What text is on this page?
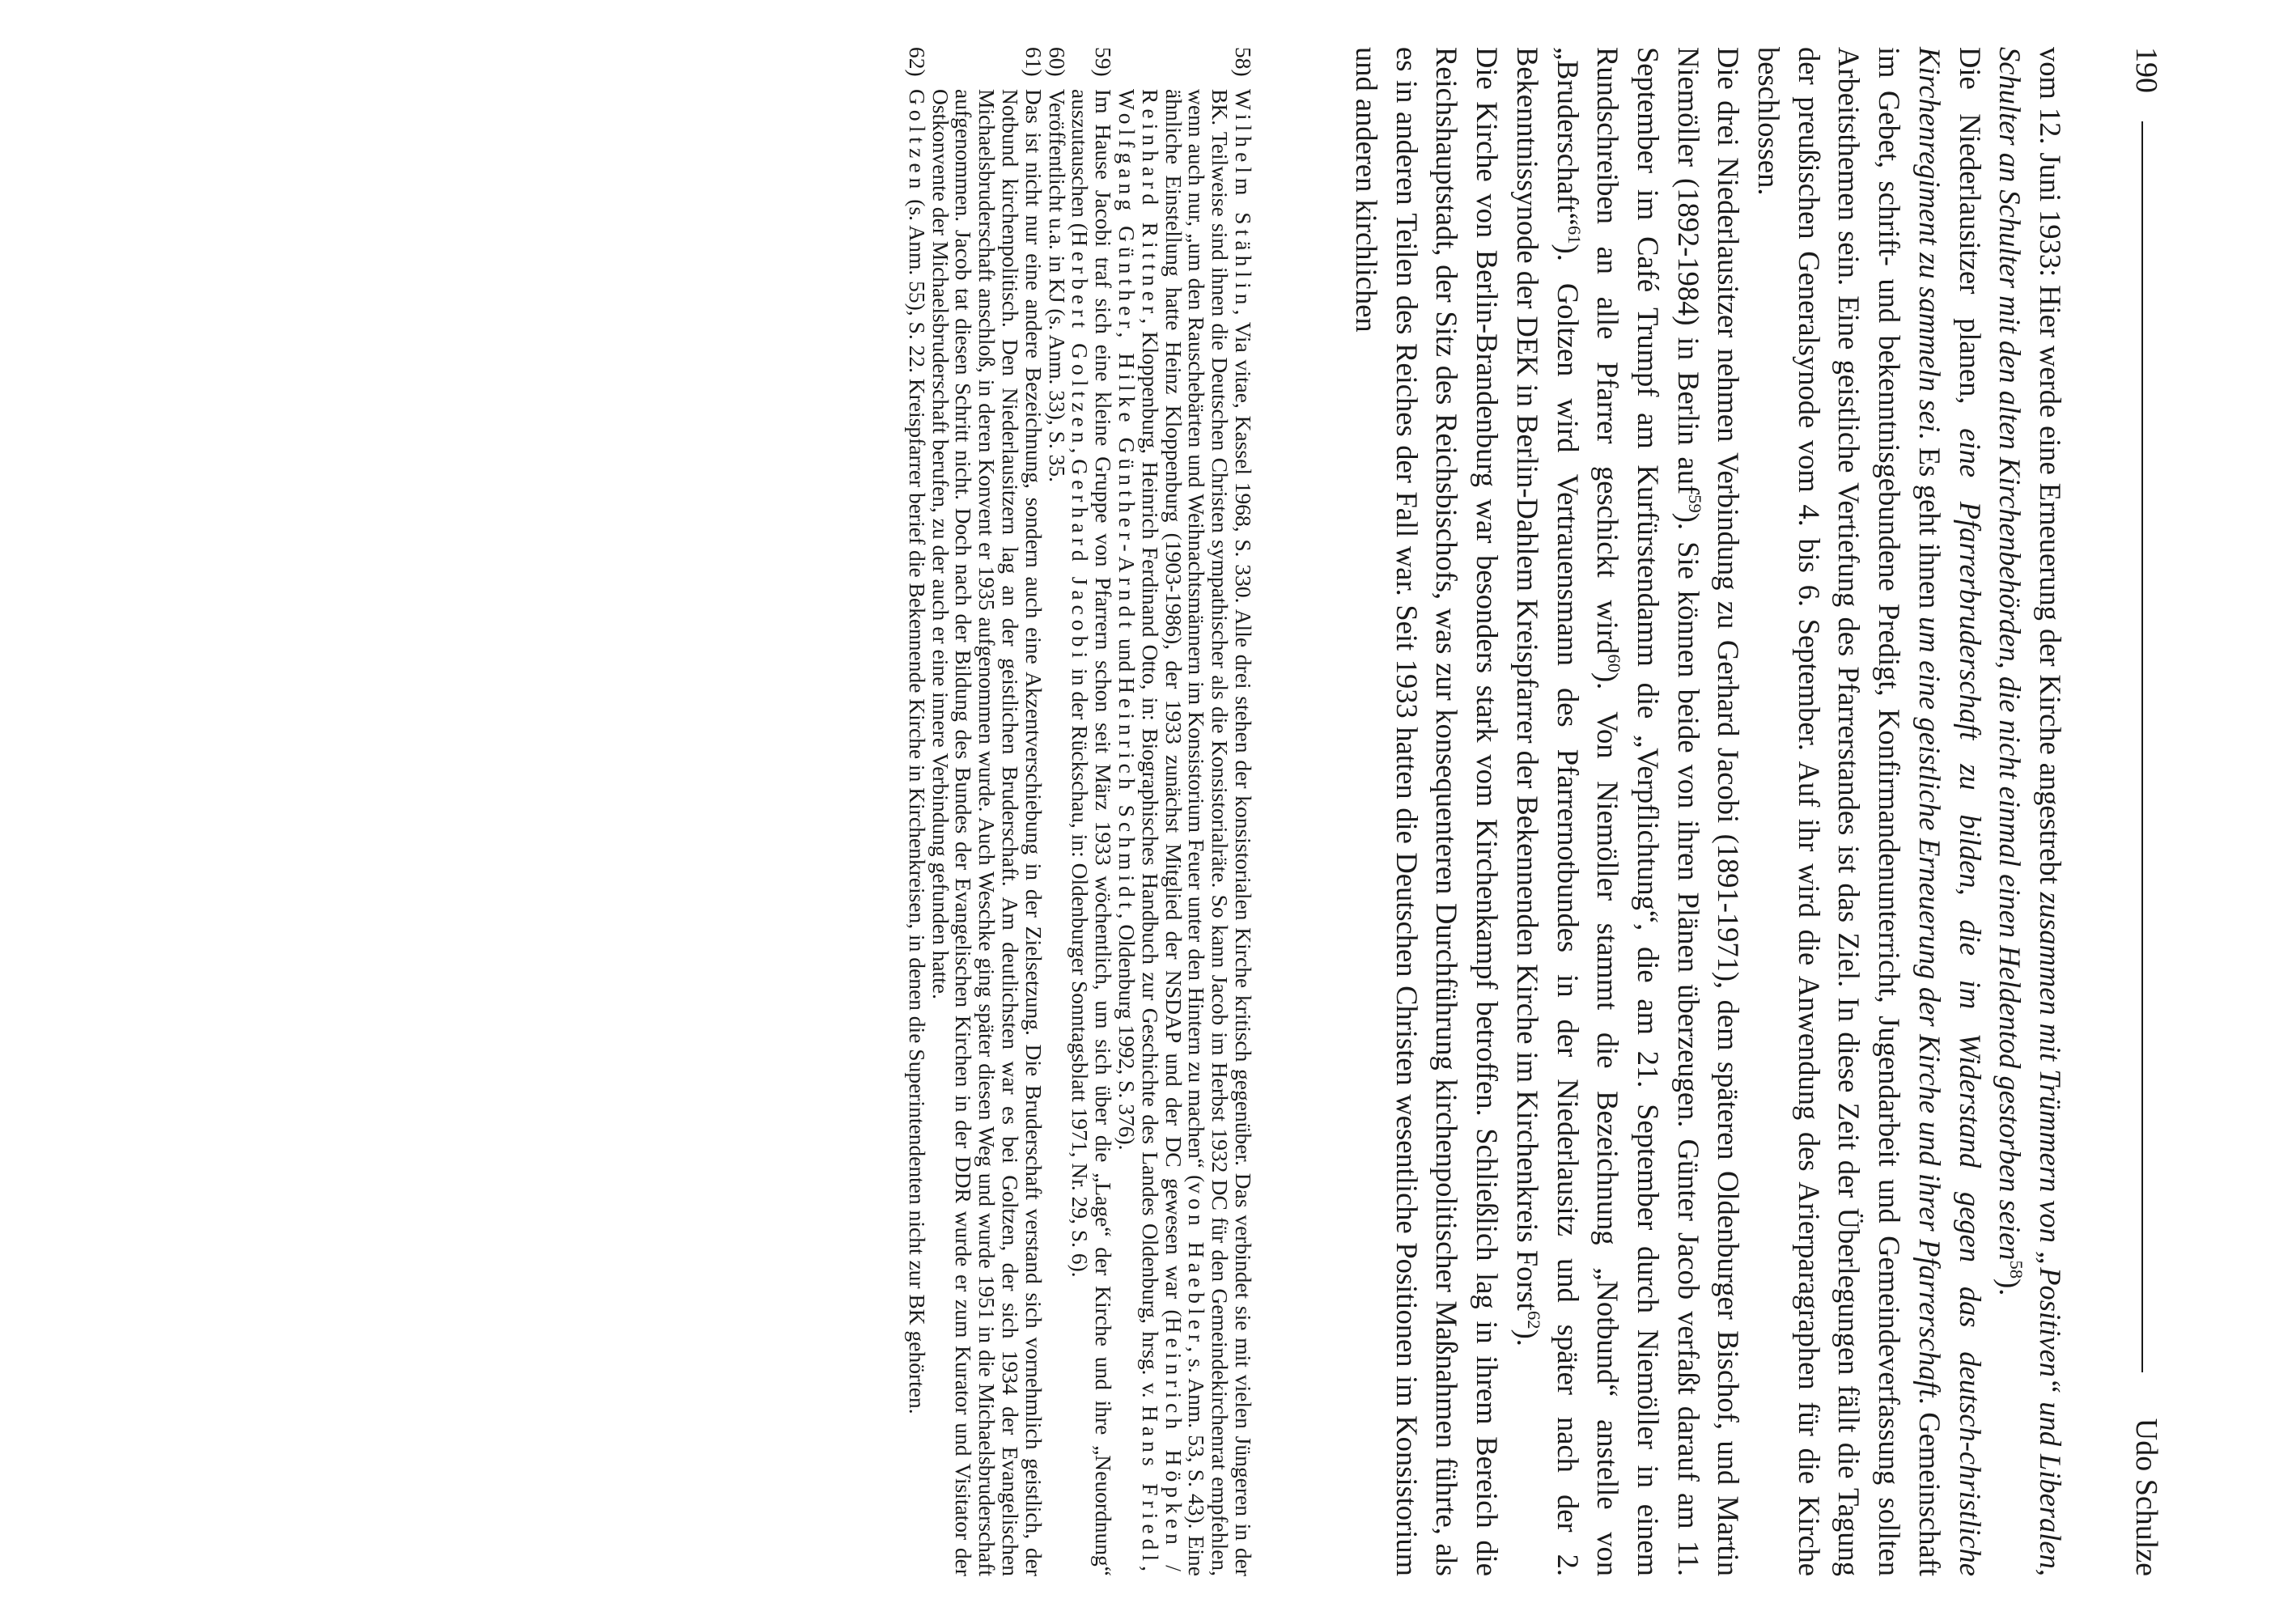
190
Udo Schulze

vom 12. Juni 1933: Hier werde eine Erneuerung der Kirche angestrebt zusammen mit Trümmern von „Positiven“ und Liberalen, Schulter an Schulter mit den alten Kirchenbehörden, die nicht einmal einen Heldentod gestorben seien$^{58}$).

Die Niederlausitzer planen, eine Pfarrerbruderschaft zu bilden, die im Widerstand gegen das deutsch-christliche Kirchenregiment zu sammeln sei. Es geht ihnen um eine geistliche Erneuerung der Kirche und ihrer Pfarrerschaft. Gemeinschaft im Gebet, schrift- und bekenntnisgebundene Predigt, Konfirmandenunterricht, Jugendarbeit und Gemeindeverfassung sollten Arbeitsthemen sein. Eine geistliche Vertiefung des Pfarrerstandes ist das Ziel. In diese Zeit der Überlegungen fällt die Tagung der preußischen Generalsynode vom 4. bis 6. September. Auf ihr wird die Anwendung des Arierparagraphen für die Kirche beschlossen.

Die drei Niederlausitzer nehmen Verbindung zu Gerhard Jacobi (1891-1971), dem späteren Oldenburger Bischof, und Martin Niemöller (1892-1984) in Berlin auf$^{59}$). Sie können beide von ihren Plänen überzeugen. Günter Jacob verfaßt darauf am 11. September im Café Trumpf am Kurfürstendamm die „Verpflichtung“, die am 21. September durch Niemöller in einem Rundschreiben an alle Pfarrer geschickt wird$^{60}$). Von Niemöller stammt die Bezeichnung „Notbund“ anstelle von „Bruderschaft“$^{61}$). Goltzen wird Vertrauensmann des Pfarrernotbundes in der Niederlausitz und später nach der 2. Bekenntnissynode der DEK in Berlin-Dahlem Kreispfarrer der Bekennenden Kirche im Kirchenkreis Forst$^{62}$).

Die Kirche von Berlin-Brandenburg war besonders stark vom Kirchenkampf betroffen. Schließlich lag in ihrem Bereich die Reichshauptstadt, der Sitz des Reichsbischofs, was zur konsequenteren Durchführung kirchenpolitischer Maßnahmen führte, als es in anderen Teilen des Reiches der Fall war. Seit 1933 hatten die Deutschen Christen wesentliche Positionen im Konsistorium und anderen kirchlichen

58)
Wilhelm Stählin, Via vitae, Kassel 1968, S. 330. Alle drei stehen der konsistorialen Kirche kritisch gegenüber. Das verbindet sie mit vielen Jüngeren in der BK. Teilweise sind ihnen die Deutschen Christen sympathischer als die Konsistorialräte. So kann Jacob im Herbst 1932 DC für den Gemeindekirchenrat empfehlen, wenn auch nur, „um den Rauschebärten und Weihnachtsmännern im Konsistorium Feuer unter den Hintern zu machen“ (von Haebler, s. Anm. 53, S. 43). Eine ähnliche Einstellung hatte Heinz Kloppenburg (1903-1986), der 1933 zunächst Mitglied der NSDAP und der DC gewesen war (Heinrich Höpken / Reinhard Rittner, Kloppenburg, Heinrich Ferdinand Otto, in: Biographisches Handbuch zur Geschichte des Landes Oldenburg, hrsg. v. Hans Friedl, Wolfgang Günther, Hilke Günther-Arndt und Heinrich Schmidt, Oldenburg 1992, S. 376).
59)
Im Hause Jacobi traf sich eine kleine Gruppe von Pfarrern schon seit März 1933 wöchentlich, um sich über die „Lage“ der Kirche und ihre „Neuordnung“ auszutauschen (Herbert Goltzen, Gerhard Jacobi in der Rückschau, in: Oldenburger Sonntagsblatt 1971, Nr. 29, S. 6).
60)
Veröffentlicht u.a. in KJ (s. Anm. 33), S. 35.
61)
Das ist nicht nur eine andere Bezeichnung, sondern auch eine Akzentverschiebung in der Zielsetzung. Die Bruderschaft verstand sich vornehmlich geistlich, der Notbund kirchenpolitisch. Den Niederlausitzern lag an der geistlichen Bruderschaft. Am deutlichsten war es bei Goltzen, der sich 1934 der Evangelischen Michaelsbruderschaft anschloß, in deren Konvent er 1935 aufgenommen wurde. Auch Weschke ging später diesen Weg und wurde 1951 in die Michaelsbruderschaft aufgenommen. Jacob tat diesen Schritt nicht. Doch nach der Bildung des Bundes der Evangelischen Kirchen in der DDR wurde er zum Kurator und Visitator der Ostkonvente der Michaelsbruderschaft berufen, zu der auch er eine innere Verbindung gefunden hatte.
62)
Goltzen (s. Anm. 55), S. 22. Kreispfarrer berief die Bekennende Kirche in Kirchenkreisen, in denen die Superintendenten nicht zur BK gehörten.
